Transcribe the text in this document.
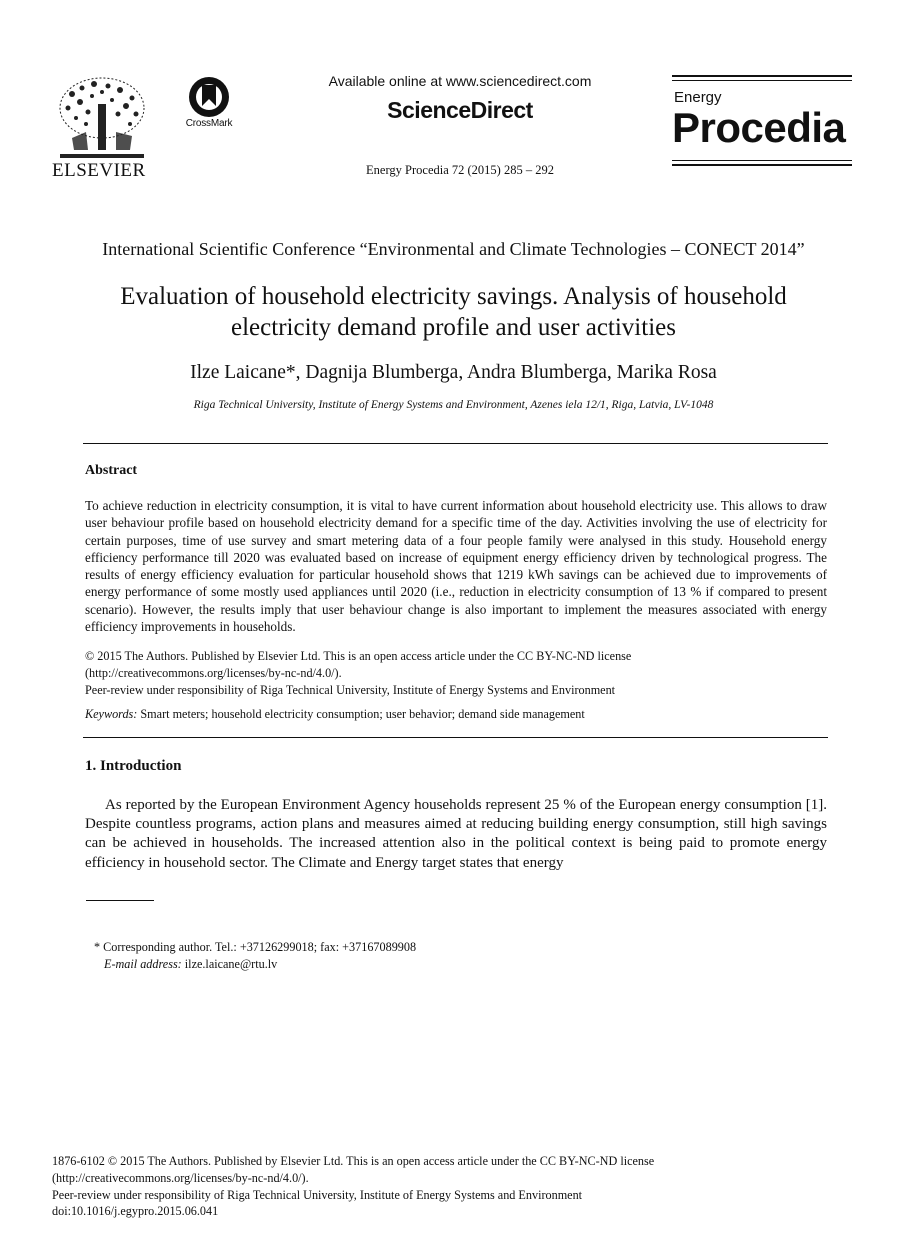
ELSEVIER
CrossMark
Available online at www.sciencedirect.com
ScienceDirect
Energy Procedia 72 (2015) 285 – 292
Energy
Procedia
International Scientific Conference “Environmental and Climate Technologies – CONECT 2014”
Evaluation of household electricity savings. Analysis of household
electricity demand profile and user activities
Ilze Laicane*, Dagnija Blumberga, Andra Blumberga, Marika Rosa
Riga Technical University, Institute of Energy Systems and Environment, Azenes iela 12/1, Riga, Latvia, LV-1048
Abstract
To achieve reduction in electricity consumption, it is vital to have current information about household electricity use. This allows to draw user behaviour profile based on household electricity demand for a specific time of the day. Activities involving the use of electricity for certain purposes, time of use survey and smart metering data of a four people family were analysed in this study. Household energy efficiency performance till 2020 was evaluated based on increase of equipment energy efficiency driven by technological progress. The results of energy efficiency evaluation for particular household shows that 1219 kWh savings can be achieved due to improvements of energy performance of some mostly used appliances until 2020 (i.e., reduction in electricity consumption of 13 % if compared to present scenario). However, the results imply that user behaviour change is also important to implement the measures associated with energy efficiency improvements in households.
© 2015 The Authors. Published by Elsevier Ltd. This is an open access article under the CC BY-NC-ND license
(http://creativecommons.org/licenses/by-nc-nd/4.0/).
Peer-review under responsibility of Riga Technical University, Institute of Energy Systems and Environment
Keywords: Smart meters; household electricity consumption; user behavior; demand side management
1. Introduction
As reported by the European Environment Agency households represent 25 % of the European energy consumption [1]. Despite countless programs, action plans and measures aimed at reducing building energy consumption, still high savings can be achieved in households. The increased attention also in the political context is being paid to promote energy efficiency in household sector. The Climate and Energy target states that energy
* Corresponding author. Tel.: +37126299018; fax: +37167089908
E-mail address: ilze.laicane@rtu.lv
1876-6102 © 2015 The Authors. Published by Elsevier Ltd. This is an open access article under the CC BY-NC-ND license
(http://creativecommons.org/licenses/by-nc-nd/4.0/).
Peer-review under responsibility of Riga Technical University, Institute of Energy Systems and Environment
doi:10.1016/j.egypro.2015.06.041
